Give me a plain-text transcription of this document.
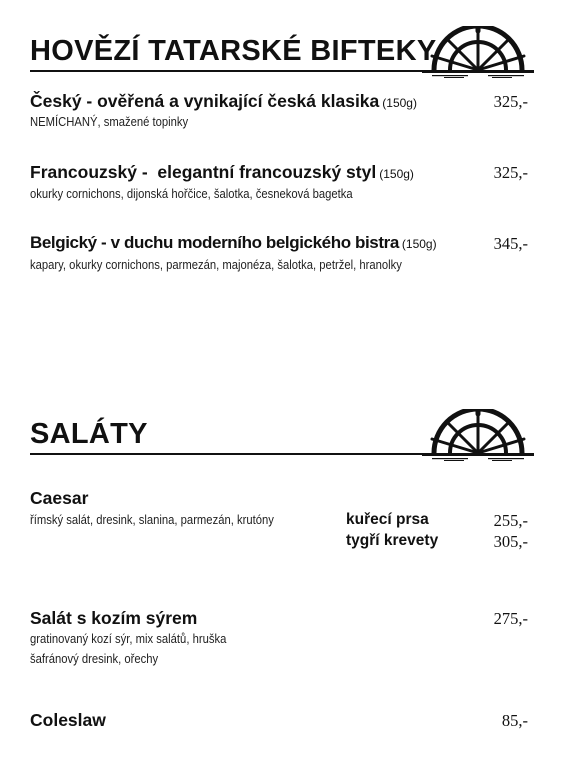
HOVĚZÍ TATARSKÉ BIFTEKY
Český - ověřená a vynikající česká klasika (150g)	325,-
NEMÍCHANÝ, smažené topinky
Francouzský -  elegantní francouzský styl (150g)	325,-
okurky cornichons, dijonská hořčice, šalotka, česneková bagetka
Belgický - v duchu moderního belgického bistra (150g)	345,-
kapary, okurky cornichons, parmezán, majonéza, šalotka, petržel, hranolky
SALÁTY
Caesar
římský salát, dresink, slanina, parmezán, krutóny	kuřecí prsa	255,-
tygří krevety	305,-
Salát s kozím sýrem	275,-
gratinovaný kozí sýr, mix salátů, hruška
šafránový dresink, ořechy
Coleslaw	85,-
